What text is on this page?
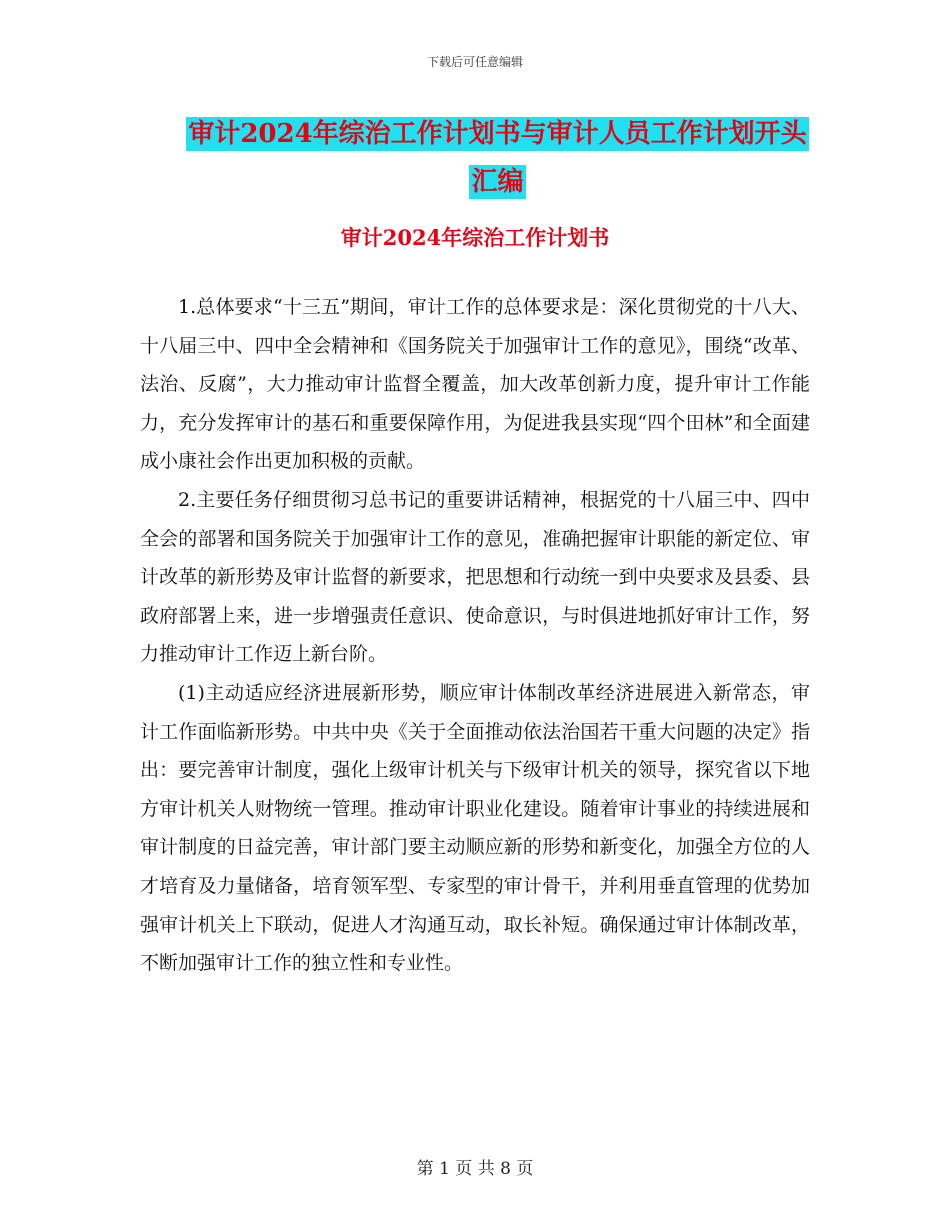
下载后可任意编辑
审计2024年综治工作计划书与审计人员工作计划开头汇编
审计2024年综治工作计划书

1.总体要求“十三五”期间，审计工作的总体要求是：深化贯彻党的十八大、十八届三中、四中全会精神和《国务院关于加强审计工作的意见》，围绕“改革、法治、反腐”，大力推动审计监督全覆盖，加大改革创新力度，提升审计工作能力，充分发挥审计的基石和重要保障作用，为促进我县实现“四个田林”和全面建成小康社会作出更加积极的贡献。

2.主要任务仔细贯彻习总书记的重要讲话精神，根据党的十八届三中、四中全会的部署和国务院关于加强审计工作的意见，准确把握审计职能的新定位、审计改革的新形势及审计监督的新要求，把思想和行动统一到中央要求及县委、县政府部署上来，进一步增强责任意识、使命意识，与时俱进地抓好审计工作，努力推动审计工作迈上新台阶。

(1)主动适应经济进展新形势，顺应审计体制改革经济进展进入新常态，审计工作面临新形势。中共中央《关于全面推动依法治国若干重大问题的决定》指出：要完善审计制度，强化上级审计机关与下级审计机关的领导，探究省以下地方审计机关人财物统一管理。推动审计职业化建设。随着审计事业的持续进展和审计制度的日益完善，审计部门要主动顺应新的形势和新变化，加强全方位的人才培育及力量储备，培育领军型、专家型的审计骨干，并利用垂直管理的优势加强审计机关上下联动，促进人才沟通互动，取长补短。确保通过审计体制改革，不断加强审计工作的独立性和专业性。

第 1 页 共 8 页
